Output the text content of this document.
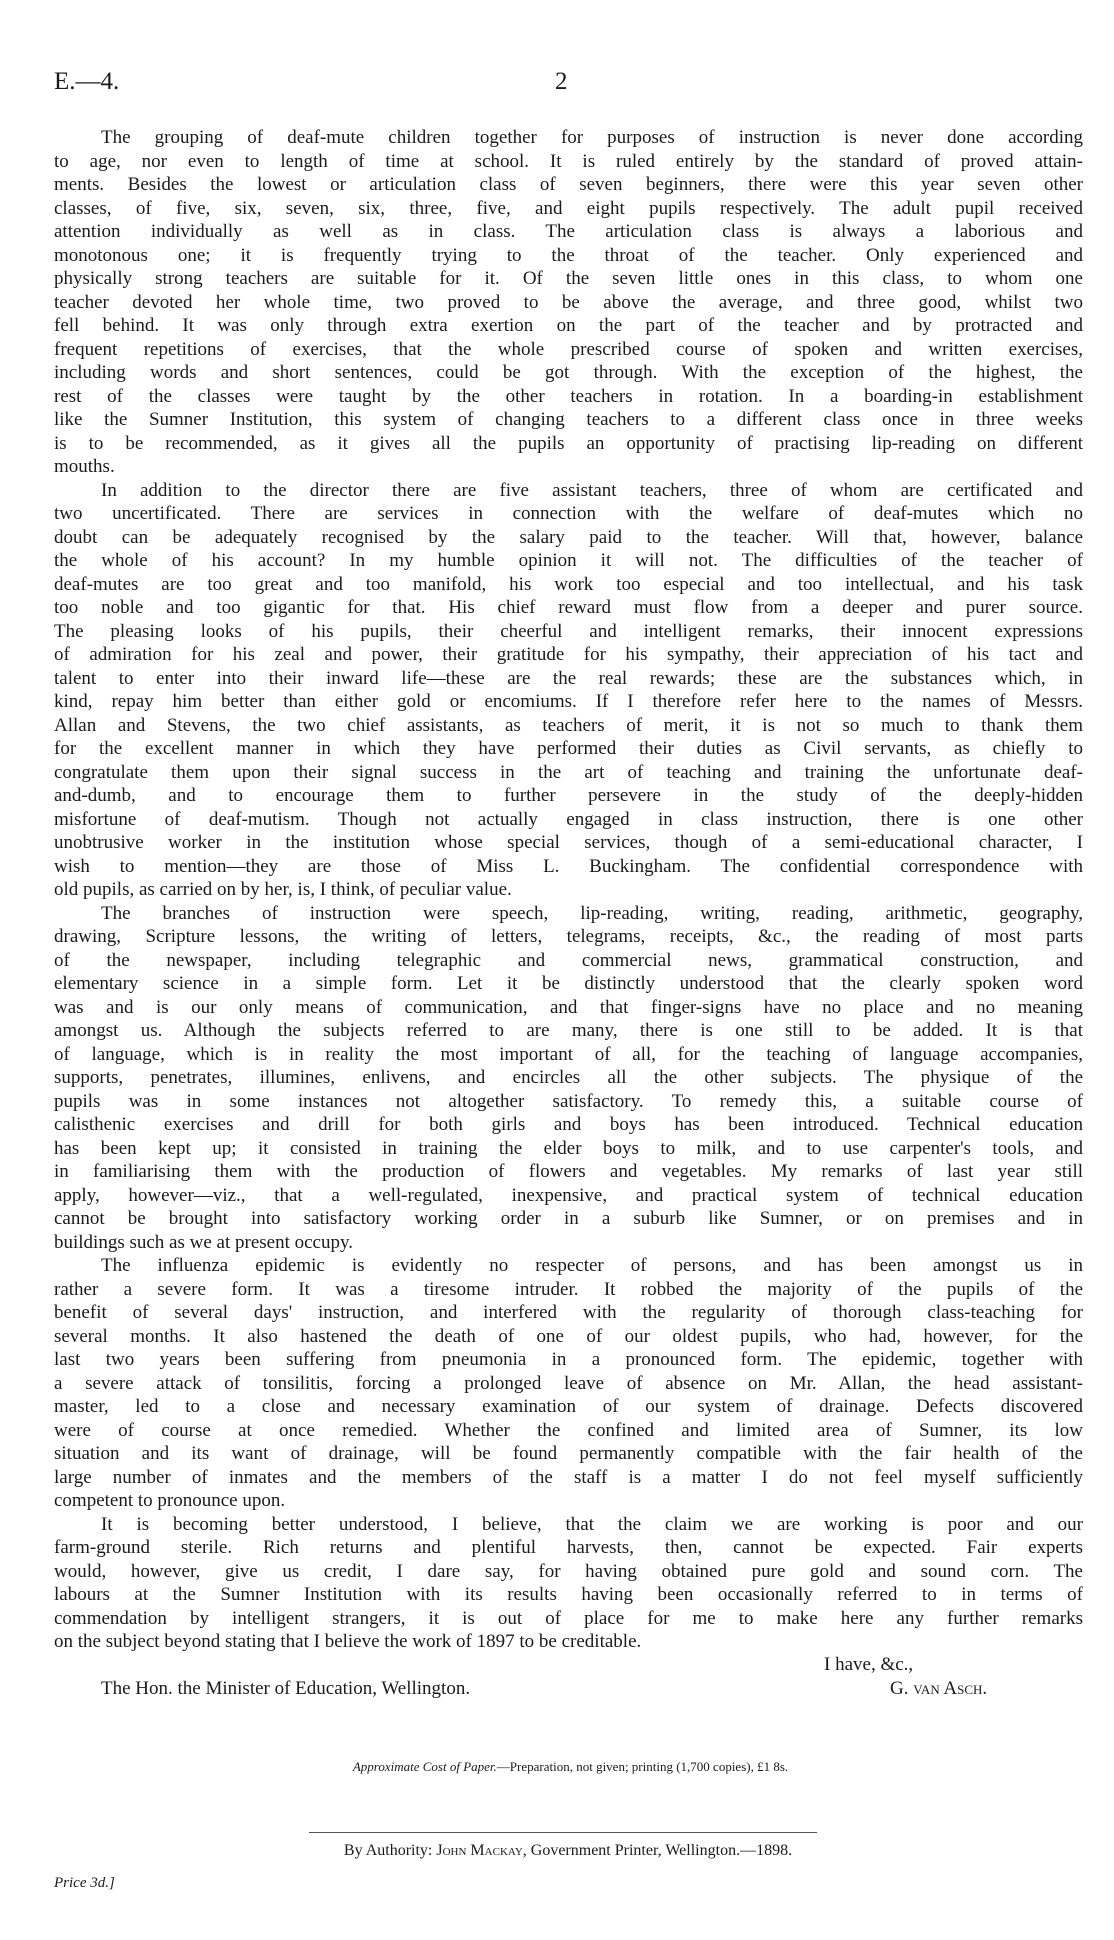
E.—4.	2
The grouping of deaf-mute children together for purposes of instruction is never done according
to age, nor even to length of time at school. It is ruled entirely by the standard of proved attain-
ments. Besides the lowest or articulation class of seven beginners, there were this year seven other
classes, of five, six, seven, six, three, five, and eight pupils respectively. The adult pupil received
attention individually as well as in class. The articulation class is always a laborious and
monotonous one; it is frequently trying to the throat of the teacher. Only experienced and
physically strong teachers are suitable for it. Of the seven little ones in this class, to whom one
teacher devoted her whole time, two proved to be above the average, and three good, whilst two
fell behind. It was only through extra exertion on the part of the teacher and by protracted and
frequent repetitions of exercises, that the whole prescribed course of spoken and written exercises,
including words and short sentences, could be got through. With the exception of the highest, the
rest of the classes were taught by the other teachers in rotation. In a boarding-in establishment
like the Sumner Institution, this system of changing teachers to a different class once in three weeks
is to be recommended, as it gives all the pupils an opportunity of practising lip-reading on different
mouths.
In addition to the director there are five assistant teachers, three of whom are certificated and
two uncertificated. There are services in connection with the welfare of deaf-mutes which no
doubt can be adequately recognised by the salary paid to the teacher. Will that, however, balance
the whole of his account? In my humble opinion it will not. The difficulties of the teacher of
deaf-mutes are too great and too manifold, his work too especial and too intellectual, and his task
too noble and too gigantic for that. His chief reward must flow from a deeper and purer source.
The pleasing looks of his pupils, their cheerful and intelligent remarks, their innocent expressions
of admiration for his zeal and power, their gratitude for his sympathy, their appreciation of his tact and
talent to enter into their inward life—these are the real rewards; these are the substances which, in
kind, repay him better than either gold or encomiums. If I therefore refer here to the names of Messrs.
Allan and Stevens, the two chief assistants, as teachers of merit, it is not so much to thank them
for the excellent manner in which they have performed their duties as Civil servants, as chiefly to
congratulate them upon their signal success in the art of teaching and training the unfortunate deaf-
and-dumb, and to encourage them to further persevere in the study of the deeply-hidden
misfortune of deaf-mutism. Though not actually engaged in class instruction, there is one other
unobtrusive worker in the institution whose special services, though of a semi-educational character, I
wish to mention—they are those of Miss L. Buckingham. The confidential correspondence with
old pupils, as carried on by her, is, I think, of peculiar value.
The branches of instruction were speech, lip-reading, writing, reading, arithmetic, geography,
drawing, Scripture lessons, the writing of letters, telegrams, receipts, &c., the reading of most parts
of the newspaper, including telegraphic and commercial news, grammatical construction, and
elementary science in a simple form. Let it be distinctly understood that the clearly spoken word
was and is our only means of communication, and that finger-signs have no place and no meaning
amongst us. Although the subjects referred to are many, there is one still to be added. It is that
of language, which is in reality the most important of all, for the teaching of language accompanies,
supports, penetrates, illumines, enlivens, and encircles all the other subjects. The physique of the
pupils was in some instances not altogether satisfactory. To remedy this, a suitable course of
calisthenic exercises and drill for both girls and boys has been introduced. Technical education
has been kept up; it consisted in training the elder boys to milk, and to use carpenter's tools, and
in familiarising them with the production of flowers and vegetables. My remarks of last year still
apply, however—viz., that a well-regulated, inexpensive, and practical system of technical education
cannot be brought into satisfactory working order in a suburb like Sumner, or on premises and in
buildings such as we at present occupy.
The influenza epidemic is evidently no respecter of persons, and has been amongst us in
rather a severe form. It was a tiresome intruder. It robbed the majority of the pupils of the
benefit of several days' instruction, and interfered with the regularity of thorough class-teaching for
several months. It also hastened the death of one of our oldest pupils, who had, however, for the
last two years been suffering from pneumonia in a pronounced form. The epidemic, together with
a severe attack of tonsilitis, forcing a prolonged leave of absence on Mr. Allan, the head assistant-
master, led to a close and necessary examination of our system of drainage. Defects discovered
were of course at once remedied. Whether the confined and limited area of Sumner, its low
situation and its want of drainage, will be found permanently compatible with the fair health of the
large number of inmates and the members of the staff is a matter I do not feel myself sufficiently
competent to pronounce upon.
It is becoming better understood, I believe, that the claim we are working is poor and our
farm-ground sterile. Rich returns and plentiful harvests, then, cannot be expected. Fair experts
would, however, give us credit, I dare say, for having obtained pure gold and sound corn. The
labours at the Sumner Institution with its results having been occasionally referred to in terms of
commendation by intelligent strangers, it is out of place for me to make here any further remarks
on the subject beyond stating that I believe the work of 1897 to be creditable.
I have, &c.,
The Hon. the Minister of Education, Wellington.	G. van Asch.
Approximate Cost of Paper.—Preparation, not given; printing (1,700 copies), £1 8s.
By Authority: John Mackay, Government Printer, Wellington.—1898.
Price 3d.]
